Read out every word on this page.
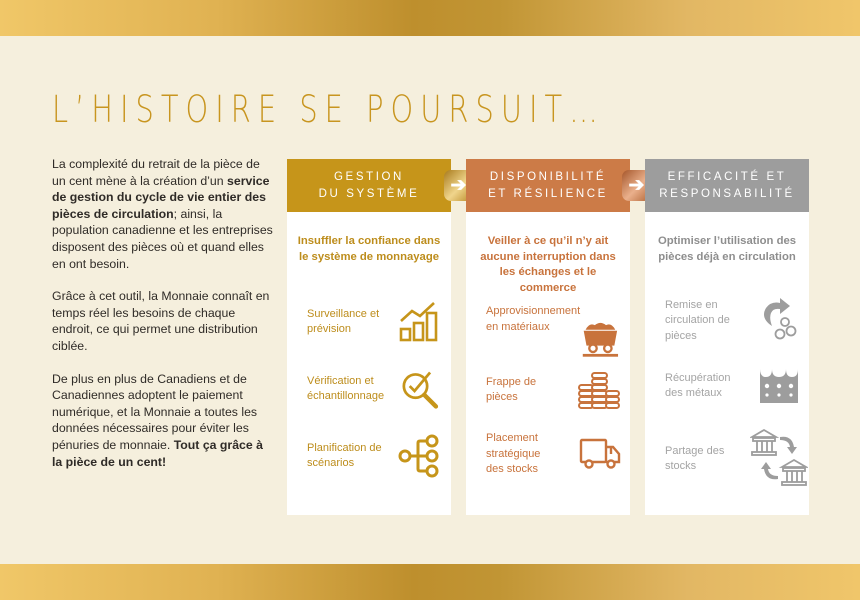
L’HISTOIRE SE POURSUIT…

La complexité du retrait de la pièce de un cent mène à la création d’un service de gestion du cycle de vie entier des pièces de circulation; ainsi, la population canadienne et les entreprises disposent des pièces où et quand elles en ont besoin.

Grâce à cet outil, la Monnaie connaît en temps réel les besoins de chaque endroit, ce qui permet une distribution ciblée.

De plus en plus de Canadiens et de Canadiennes adoptent le paiement numérique, et la Monnaie a toutes les données nécessaires pour éviter les pénuries de monnaie. Tout ça grâce à la pièce de un cent!

GESTION
DU SYSTÈME
Insuffler la confiance dans le système de monnayage
Surveillance et prévision
Vérification et échantillonnage
Planification de scénarios
➔	DISPONIBILITÉ
ET RÉSILIENCE
Veiller à ce qu’il n’y ait aucune interruption dans les échanges et le commerce
Approvisionnement en matériaux
Frappe de pièces
Placement stratégique des stocks
➔	EFFICACITÉ ET
RESPONSABILITÉ
Optimiser l’utilisation des pièces déjà en circulation
Remise en circulation de pièces
Récupération des métaux
Partage des stocks
